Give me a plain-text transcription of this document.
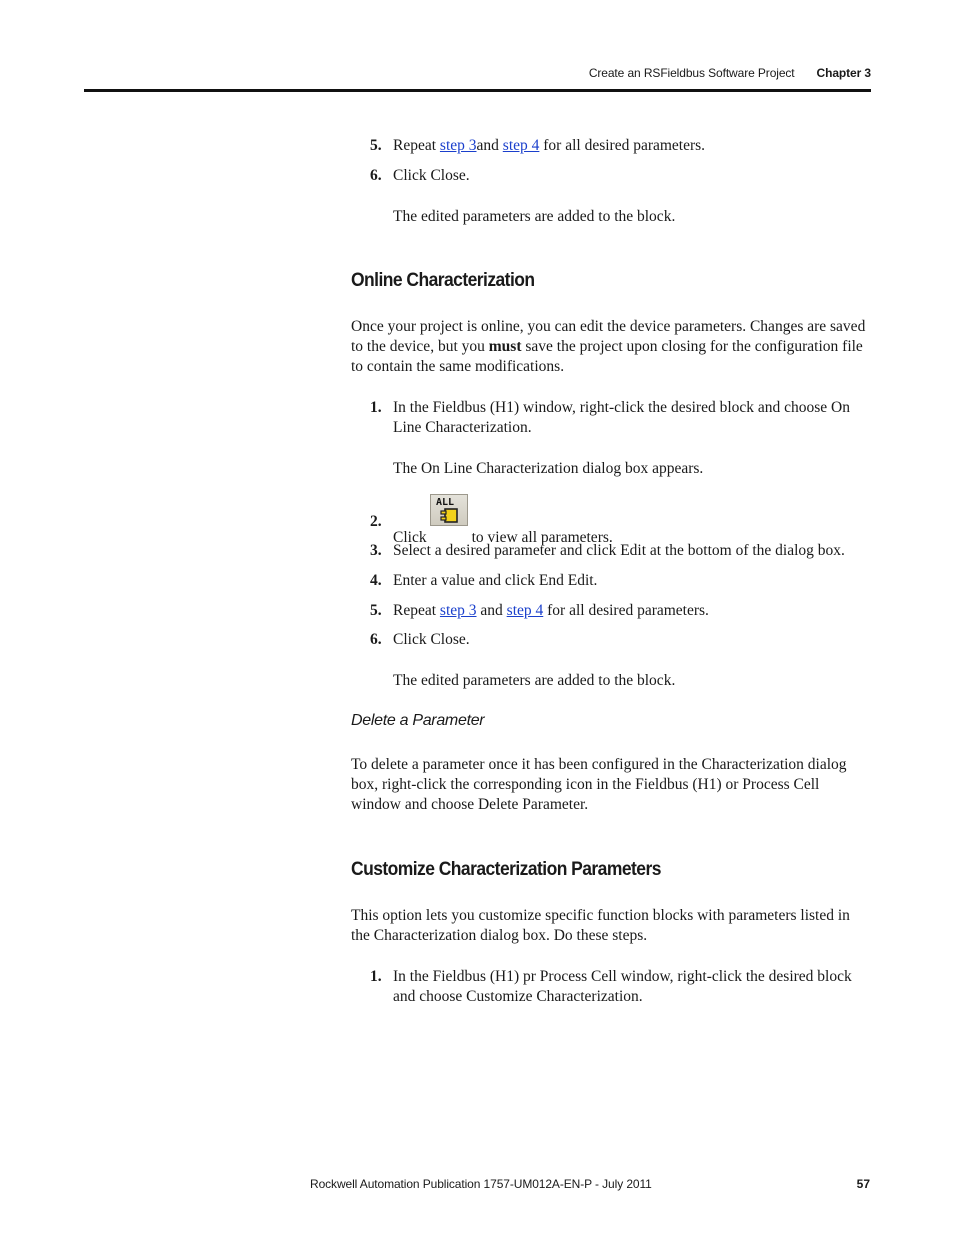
Create an RSFieldbus Software Project Chapter 3
5. Repeat step 3and step 4 for all desired parameters.
6. Click Close.
The edited parameters are added to the block.
Online Characterization
Once your project is online, you can edit the device parameters. Changes are saved to the device, but you must save the project upon closing for the configuration file to contain the same modifications.
1. In the Fieldbus (H1) window, right-click the desired block and choose On Line Characterization.
The On Line Characterization dialog box appears.
2.
Click
ALL
to view all parameters.
3. Select a desired parameter and click Edit at the bottom of the dialog box.
4. Enter a value and click End Edit.
5. Repeat step 3 and step 4 for all desired parameters.
6. Click Close.
The edited parameters are added to the block.
Delete a Parameter
To delete a parameter once it has been configured in the Characterization dialog box, right-click the corresponding icon in the Fieldbus (H1) or Process Cell window and choose Delete Parameter.
Customize Characterization Parameters
This option lets you customize specific function blocks with parameters listed in the Characterization dialog box. Do these steps.
1. In the Fieldbus (H1) pr Process Cell window, right-click the desired block and choose Customize Characterization.
Rockwell Automation Publication 1757-UM012A-EN-P - July 2011	57
